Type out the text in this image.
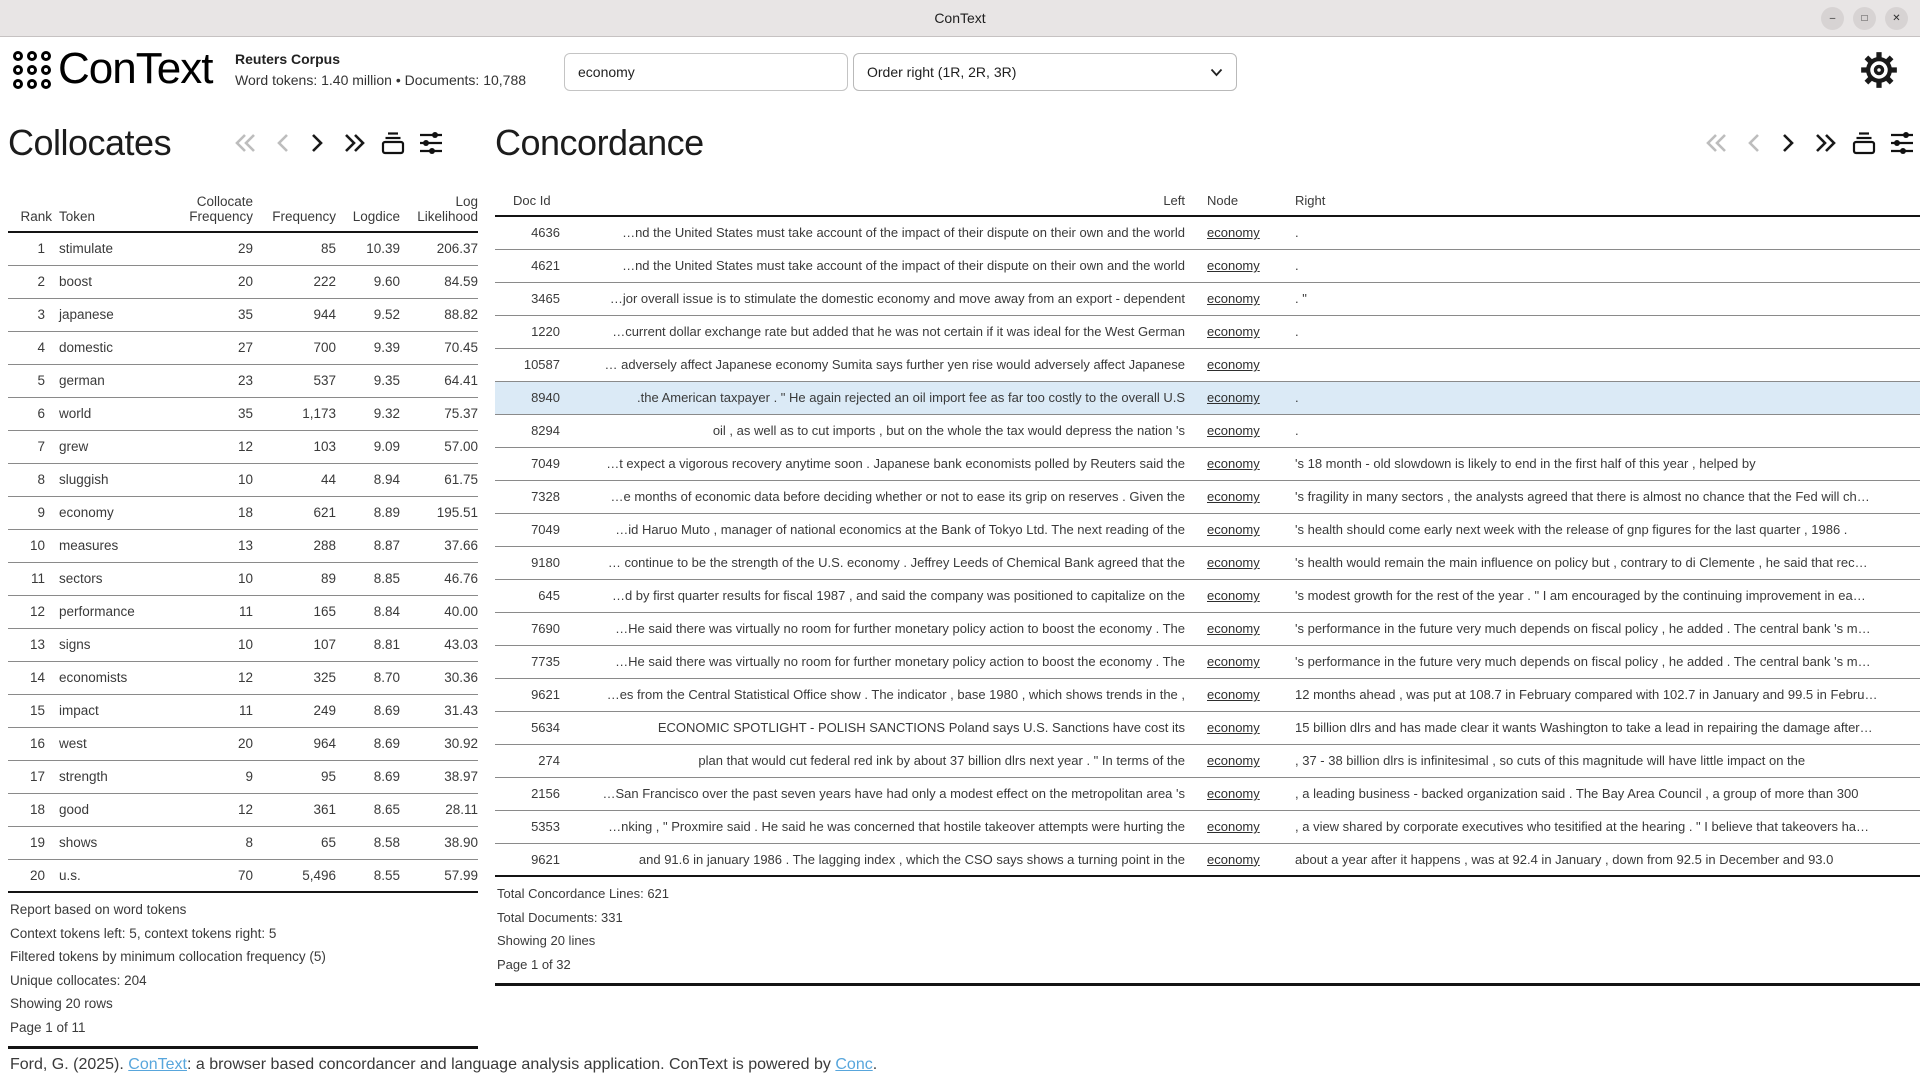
ConText	–	□	✕
ConText Reuters Corpus
Word tokens: 1.40 million • Documents: 10,788
economy	Order right (1R, 2R, 3R)
Collocates
Rank	Token	Collocate Frequency	Frequency	Logdice	Log Likelihood
1	stimulate	29	85	10.39	206.37
2	boost	20	222	9.60	84.59
3	japanese	35	944	9.52	88.82
4	domestic	27	700	9.39	70.45
5	german	23	537	9.35	64.41
6	world	35	1,173	9.32	75.37
7	grew	12	103	9.09	57.00
8	sluggish	10	44	8.94	61.75
9	economy	18	621	8.89	195.51
10	measures	13	288	8.87	37.66
11	sectors	10	89	8.85	46.76
12	performance	11	165	8.84	40.00
13	signs	10	107	8.81	43.03
14	economists	12	325	8.70	30.36
15	impact	11	249	8.69	31.43
16	west	20	964	8.69	30.92
17	strength	9	95	8.69	38.97
18	good	12	361	8.65	28.11
19	shows	8	65	8.58	38.90
20	u.s.	70	5,496	8.55	57.99
Report based on word tokens
Context tokens left: 5, context tokens right: 5
Filtered tokens by minimum collocation frequency (5)
Unique collocates: 204
Showing 20 rows
Page 1 of 11
Concordance
Doc Id	Left	Node	Right
4636	…nd the United States must take account of the impact of their dispute on their own and the world	economy	.
4621	…nd the United States must take account of the impact of their dispute on their own and the world	economy	.
3465	…jor overall issue is to stimulate the domestic economy and move away from an export - dependent	economy	. "
1220	…current dollar exchange rate but added that he was not certain if it was ideal for the West German	economy	.
10587	… adversely affect Japanese economy Sumita says further yen rise would adversely affect Japanese	economy	
8940	.the American taxpayer . " He again rejected an oil import fee as far too costly to the overall U.S	economy	.
8294	oil , as well as to cut imports , but on the whole the tax would depress the nation 's	economy	.
7049	…t expect a vigorous recovery anytime soon . Japanese bank economists polled by Reuters said the	economy	's 18 month - old slowdown is likely to end in the first half of this year , helped by
7328	…e months of economic data before deciding whether or not to ease its grip on reserves . Given the	economy	's fragility in many sectors , the analysts agreed that there is almost no chance that the Fed will ch…
7049	…id Haruo Muto , manager of national economics at the Bank of Tokyo Ltd. The next reading of the	economy	's health should come early next week with the release of gnp figures for the last quarter , 1986 .
9180	… continue to be the strength of the U.S. economy . Jeffrey Leeds of Chemical Bank agreed that the	economy	's health would remain the main influence on policy but , contrary to di Clemente , he said that rec…
645	…d by first quarter results for fiscal 1987 , and said the company was positioned to capitalize on the	economy	's modest growth for the rest of the year . " I am encouraged by the continuing improvement in ea…
7690	…He said there was virtually no room for further monetary policy action to boost the economy . The	economy	's performance in the future very much depends on fiscal policy , he added . The central bank 's m…
7735	…He said there was virtually no room for further monetary policy action to boost the economy . The	economy	's performance in the future very much depends on fiscal policy , he added . The central bank 's m…
9621	…es from the Central Statistical Office show . The indicator , base 1980 , which shows trends in the ,	economy	12 months ahead , was put at 108.7 in February compared with 102.7 in January and 99.5 in Febru…
5634	ECONOMIC SPOTLIGHT - POLISH SANCTIONS Poland says U.S. Sanctions have cost its	economy	15 billion dlrs and has made clear it wants Washington to take a lead in repairing the damage after…
274	plan that would cut federal red ink by about 37 billion dlrs next year . " In terms of the	economy	, 37 - 38 billion dlrs is infinitesimal , so cuts of this magnitude will have little impact on the
2156	…San Francisco over the past seven years have had only a modest effect on the metropolitan area 's	economy	, a leading business - backed organization said . The Bay Area Council , a group of more than 300
5353	…nking , " Proxmire said . He said he was concerned that hostile takeover attempts were hurting the	economy	, a view shared by corporate executives who tesitified at the hearing . " I believe that takeovers ha…
9621	and 91.6 in january 1986 . The lagging index , which the CSO says shows a turning point in the	economy	about a year after it happens , was at 92.4 in January , down from 92.5 in December and 93.0
Total Concordance Lines: 621
Total Documents: 331
Showing 20 lines
Page 1 of 32
Ford, G. (2025). ConText: a browser based concordancer and language analysis application. ConText is powered by Conc.
